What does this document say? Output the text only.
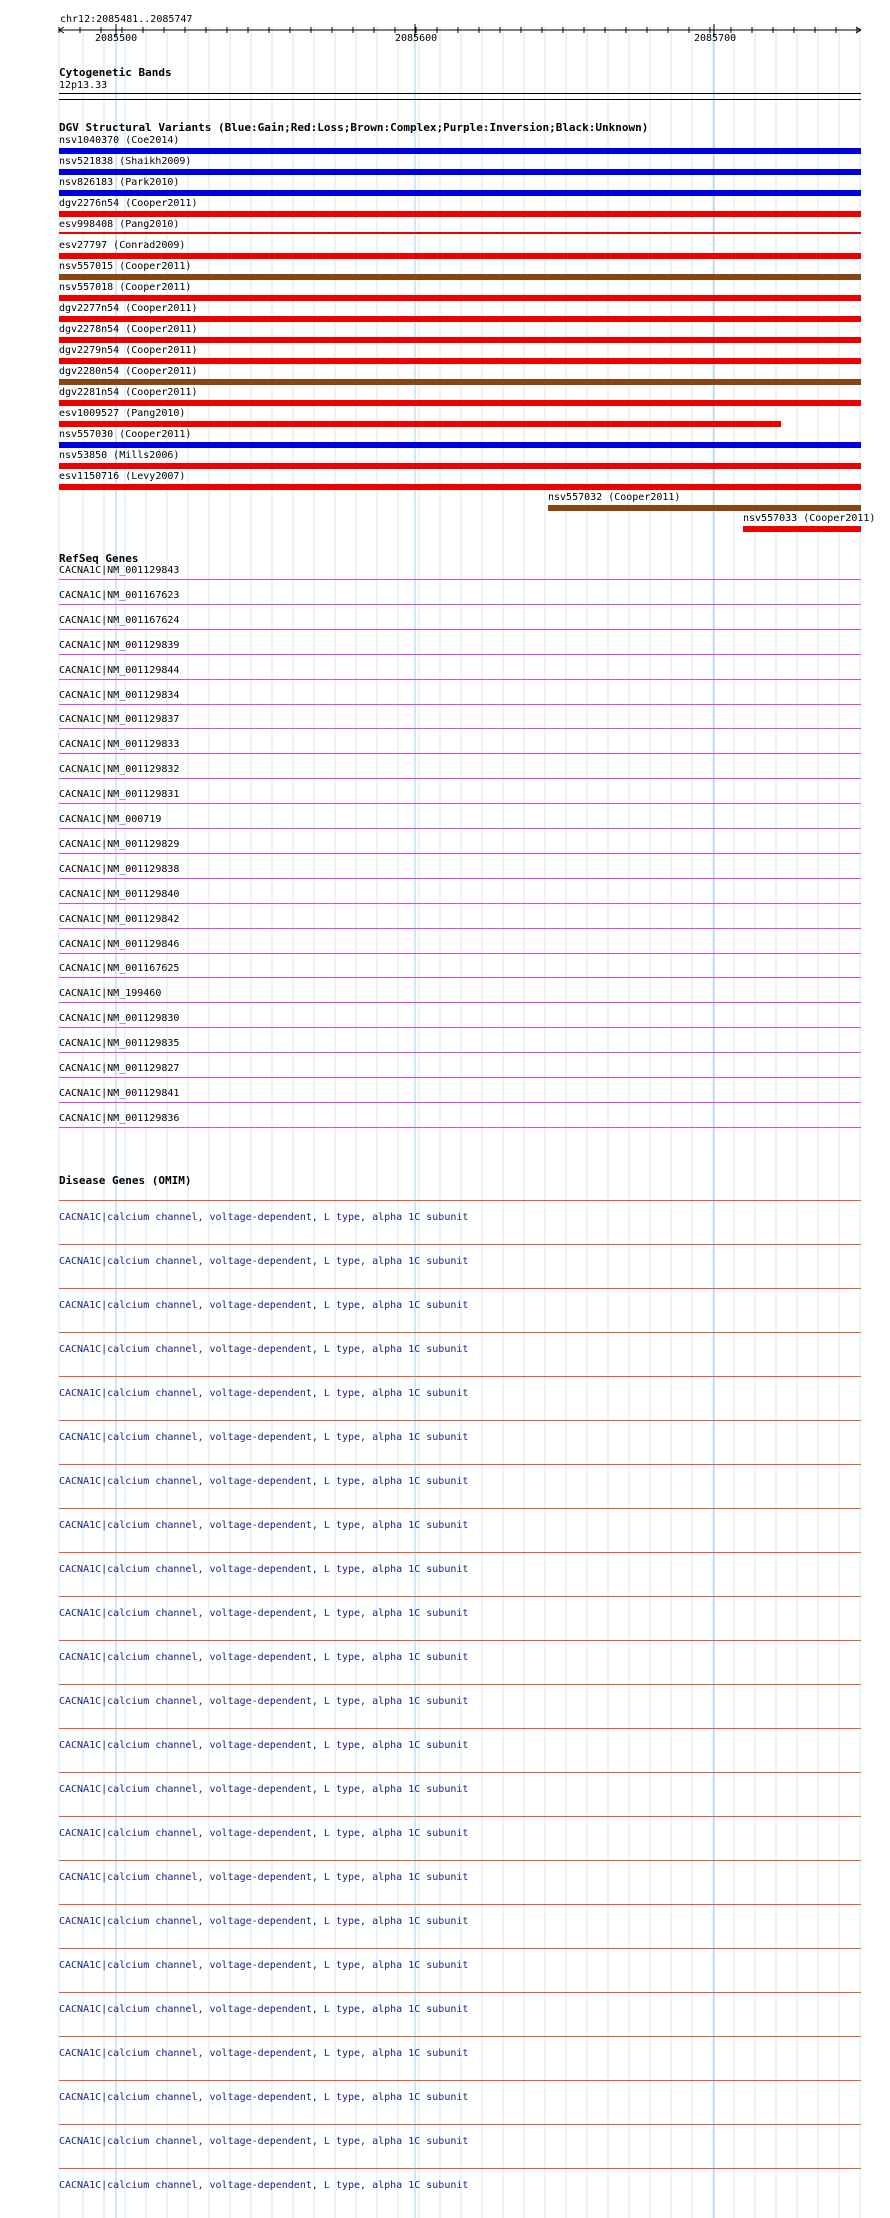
chr12:2085481..2085747
2085500	2085600	2085700
Cytogenetic Bands
12p13.33
DGV Structural Variants (Blue:Gain;Red:Loss;Brown:Complex;Purple:Inversion;Black:Unknown)
nsv1040370 (Coe2014)
nsv521838 (Shaikh2009)
nsv826183 (Park2010)
dgv2276n54 (Cooper2011)
esv998408 (Pang2010)
esv27797 (Conrad2009)
nsv557015 (Cooper2011)
nsv557018 (Cooper2011)
dgv2277n54 (Cooper2011)
dgv2278n54 (Cooper2011)
dgv2279n54 (Cooper2011)
dgv2280n54 (Cooper2011)
dgv2281n54 (Cooper2011)
esv1009527 (Pang2010)
nsv557030 (Cooper2011)
nsv53850 (Mills2006)
esv1150716 (Levy2007)
nsv557032 (Cooper2011)
nsv557033 (Cooper2011)
RefSeq Genes
CACNA1C|NM_001129843
CACNA1C|NM_001167623
CACNA1C|NM_001167624
CACNA1C|NM_001129839
CACNA1C|NM_001129844
CACNA1C|NM_001129834
CACNA1C|NM_001129837
CACNA1C|NM_001129833
CACNA1C|NM_001129832
CACNA1C|NM_001129831
CACNA1C|NM_000719
CACNA1C|NM_001129829
CACNA1C|NM_001129838
CACNA1C|NM_001129840
CACNA1C|NM_001129842
CACNA1C|NM_001129846
CACNA1C|NM_001167625
CACNA1C|NM_199460
CACNA1C|NM_001129830
CACNA1C|NM_001129835
CACNA1C|NM_001129827
CACNA1C|NM_001129841
CACNA1C|NM_001129836
Disease Genes (OMIM)
CACNA1C|calcium channel, voltage-dependent, L type, alpha 1C subunit
CACNA1C|calcium channel, voltage-dependent, L type, alpha 1C subunit
CACNA1C|calcium channel, voltage-dependent, L type, alpha 1C subunit
CACNA1C|calcium channel, voltage-dependent, L type, alpha 1C subunit
CACNA1C|calcium channel, voltage-dependent, L type, alpha 1C subunit
CACNA1C|calcium channel, voltage-dependent, L type, alpha 1C subunit
CACNA1C|calcium channel, voltage-dependent, L type, alpha 1C subunit
CACNA1C|calcium channel, voltage-dependent, L type, alpha 1C subunit
CACNA1C|calcium channel, voltage-dependent, L type, alpha 1C subunit
CACNA1C|calcium channel, voltage-dependent, L type, alpha 1C subunit
CACNA1C|calcium channel, voltage-dependent, L type, alpha 1C subunit
CACNA1C|calcium channel, voltage-dependent, L type, alpha 1C subunit
CACNA1C|calcium channel, voltage-dependent, L type, alpha 1C subunit
CACNA1C|calcium channel, voltage-dependent, L type, alpha 1C subunit
CACNA1C|calcium channel, voltage-dependent, L type, alpha 1C subunit
CACNA1C|calcium channel, voltage-dependent, L type, alpha 1C subunit
CACNA1C|calcium channel, voltage-dependent, L type, alpha 1C subunit
CACNA1C|calcium channel, voltage-dependent, L type, alpha 1C subunit
CACNA1C|calcium channel, voltage-dependent, L type, alpha 1C subunit
CACNA1C|calcium channel, voltage-dependent, L type, alpha 1C subunit
CACNA1C|calcium channel, voltage-dependent, L type, alpha 1C subunit
CACNA1C|calcium channel, voltage-dependent, L type, alpha 1C subunit
CACNA1C|calcium channel, voltage-dependent, L type, alpha 1C subunit
